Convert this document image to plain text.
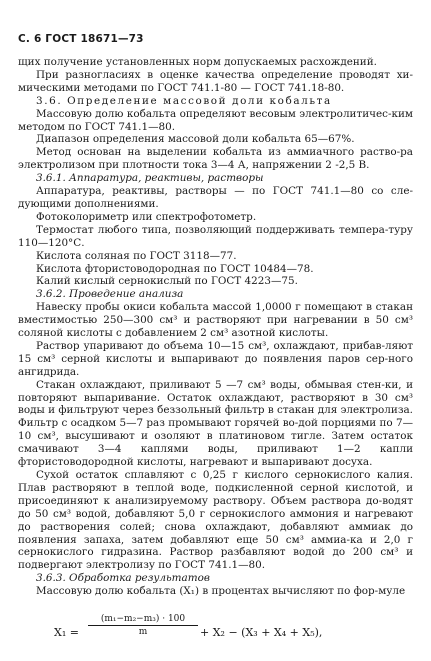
С. 6 ГОСТ 18671—73

щих получение установленных норм допускаемых расхождений.

При разногласиях в оценке качества определение проводят хи-мическими методами по ГОСТ 741.1-80 — ГОСТ 741.18-80.

3.6. Определение массовой доли кобальта

Массовую долю кобальта определяют весовым электролитичес-ким методом по ГОСТ 741.1—80.

Диапазон определения массовой доли кобальта 65—67%.

Метод основан на выделении кобальта из аммиачного раство-ра электролизом при плотности тока 3—4 А, напряжении 2 -2,5 В.

3.6.1. Аппаратура, реактивы, растворы

Аппаратура, реактивы, растворы — по ГОСТ 741.1—80 со сле-дующими дополнениями.

Фотоколориметр или спектрофотометр.

Термостат любого типа, позволяющий поддерживать темпера-туру 110—120°С.

Кислота соляная по ГОСТ 3118—77.

Кислота фтористоводородная по ГОСТ 10484—78.

Калий кислый сернокислый по ГОСТ 4223—75.

3.6.2. Проведение анализа

Навеску пробы окиси кобальта массой 1,0000 г помещают в стакан вместимостью 250—300 см³ и растворяют при нагревании в 50 см³ соляной кислоты с добавлением 2 см³ азотной кислоты.

Раствор упаривают до объема 10—15 см³, охлаждают, прибав-ляют 15 см³ серной кислоты и выпаривают до появления паров сер-ного ангидрида.

Стакан охлаждают, приливают 5 —7 см³ воды, обмывая стен-ки, и повторяют выпаривание. Остаток охлаждают, растворяют в 30 см³ воды и фильтруют через беззольный фильтр в стакан для электролиза. Фильтр с осадком 5—7 раз промывают горячей во-дой порциями по 7—10 см³, высушивают и озоляют в платиновом тигле. Затем остаток смачивают 3—4 каплями воды, приливают 1—2 капли фтористоводородной кислоты, нагревают и выпаривают досуха.

Сухой остаток сплавляют с 0,25 г кислого сернокислого калия. Плав растворяют в теплой воде, подкисленной серной кислотой, и присоединяют к анализируемому раствору. Объем раствора до-водят до 50 см³ водой, добавляют 5,0 г сернокислого аммония и нагревают до растворения солей; снова охлаждают, добавляют аммиак до появления запаха, затем добавляют еще 50 см³ аммиа-ка и 2,0 г сернокислого гидразина. Раствор разбавляют водой до 200 см³ и подвергают электролизу по ГОСТ 741.1—80.

3.6.3. Обработка результатов

Массовую долю кобальта (X₁) в процентах вычисляют по фор-муле

$X_1 = \frac{\text{(m₁−m₂−m₃) · 100}}{m} + X_2 - (X_3 + X_4 + X_5)$,
